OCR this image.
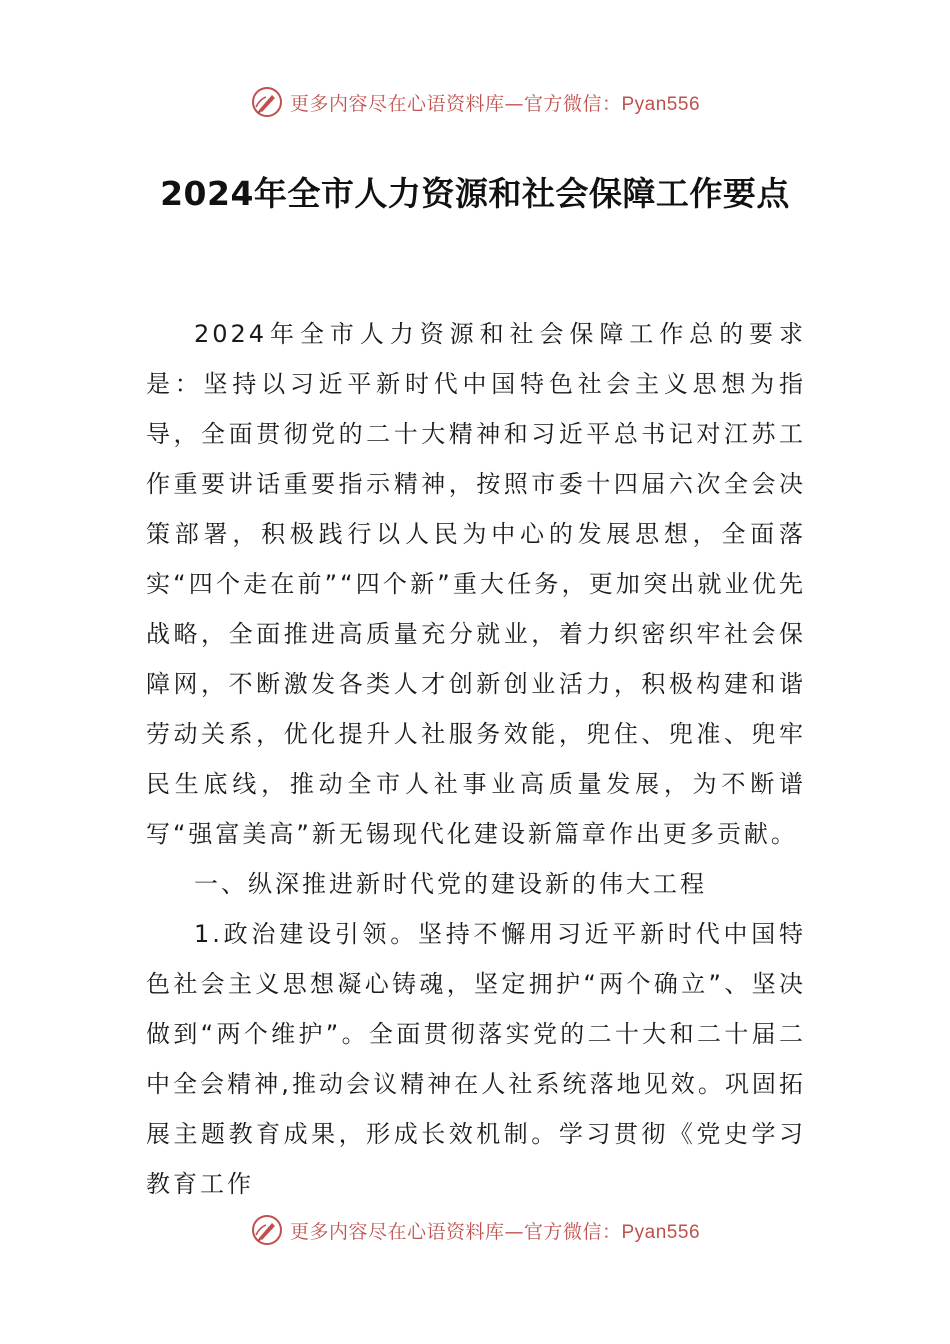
更多内容尽在心语资料库—官方微信：Pyan556
2024年全市人力资源和社会保障工作要点

2024年全市人力资源和社会保障工作总的要求是：坚持以习近平新时代中国特色社会主义思想为指导，全面贯彻党的二十大精神和习近平总书记对江苏工作重要讲话重要指示精神，按照市委十四届六次全会决策部署，积极践行以人民为中心的发展思想，全面落实“四个走在前”“四个新”重大任务，更加突出就业优先战略，全面推进高质量充分就业，着力织密织牢社会保障网，不断激发各类人才创新创业活力，积极构建和谐劳动关系，优化提升人社服务效能，兜住、兜准、兜牢民生底线，推动全市人社事业高质量发展，为不断谱写“强富美高”新无锡现代化建设新篇章作出更多贡献。

一、纵深推进新时代党的建设新的伟大工程

1.政治建设引领。坚持不懈用习近平新时代中国特色社会主义思想凝心铸魂，坚定拥护“两个确立”、坚决做到“两个维护”。全面贯彻落实党的二十大和二十届二中全会精神,推动会议精神在人社系统落地见效。巩固拓展主题教育成果，形成长效机制。学习贯彻《党史学习教育工作

更多内容尽在心语资料库—官方微信：Pyan556
